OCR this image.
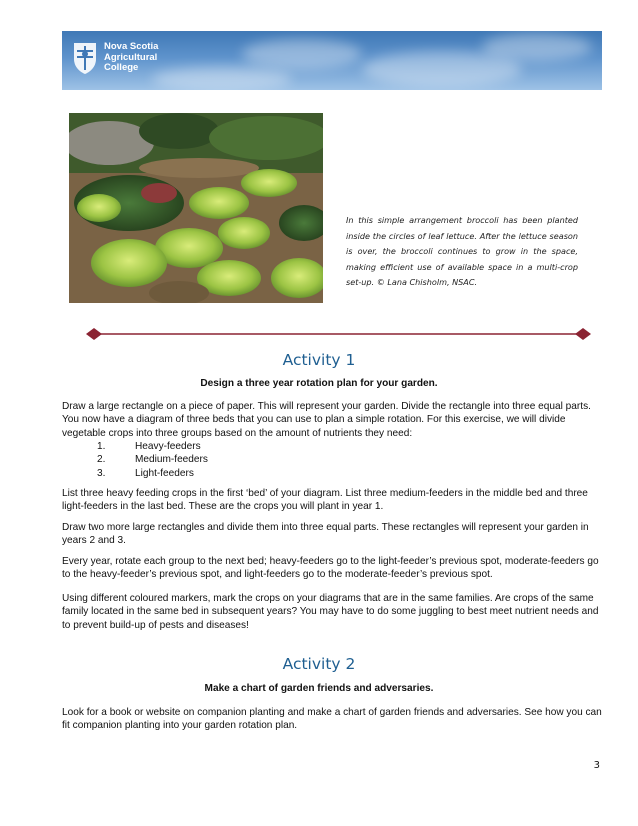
Nova Scotia
Agricultural
College
In this simple arrangement broccoli has been planted inside the circles of leaf lettuce. After the lettuce season is over, the broccoli continues to grow in the space, making efficient use of available space in a multi-crop set-up. © Lana Chisholm, NSAC.
Activity 1
Design a three year rotation plan for your garden.

Draw a large rectangle on a piece of paper. This will represent your garden. Divide the rectangle into three equal parts. You now have a diagram of three beds that you can use to plan a simple rotation. For this exercise, we will divide vegetable crops into three groups based on the amount of nutrients they need:

1.	Heavy-feeders
2.	Medium-feeders
3.	Light-feeders

List three heavy feeding crops in the first ‘bed’ of your diagram. List three medium-feeders in the middle bed and three light-feeders in the last bed. These are the crops you will plant in year 1.

Draw two more large rectangles and divide them into three equal parts. These rectangles will represent your garden in years 2 and 3.

Every year, rotate each group to the next bed; heavy-feeders go to the light-feeder’s previous spot, moderate-feeders go to the heavy-feeder’s previous spot, and light-feeders go to the moderate-feeder’s previous spot.

Using different coloured markers, mark the crops on your diagrams that are in the same families. Are crops of the same family located in the same bed in subsequent years? You may have to do some juggling to best meet nutrient needs and to prevent build-up of pests and diseases!

Activity 2
Make a chart of garden friends and adversaries.

Look for a book or website on companion planting and make a chart of garden friends and adversaries. See how you can fit companion planting into your garden rotation plan.

3
